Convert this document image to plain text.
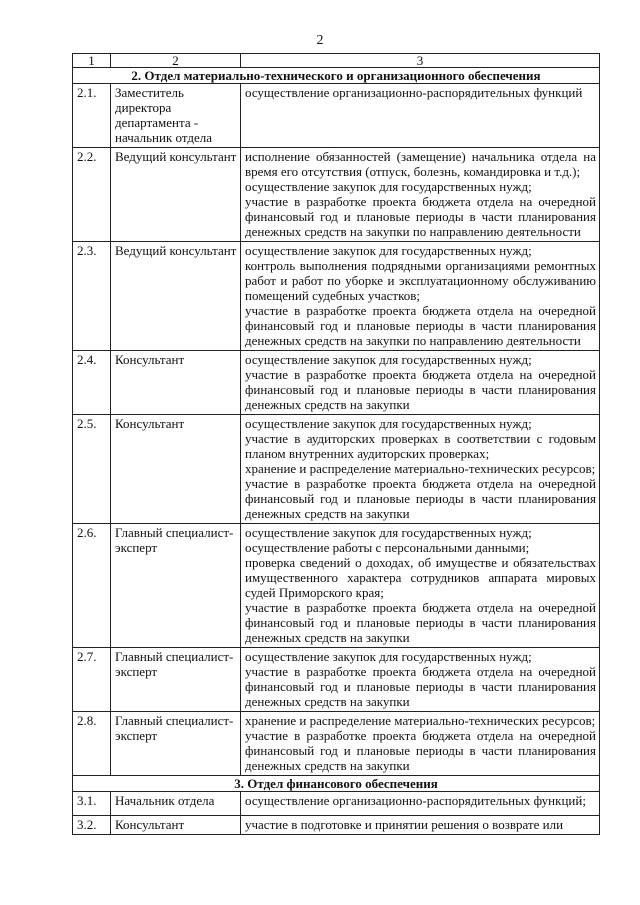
2
1	2	3
2. Отдел материально-технического и организационного обеспечения		
2.1.	Заместитель директора департамента - начальник отдела	осуществление организационно-распорядительных функций

2.2.	Ведущий консультант	исполнение обязанностей (замещение) начальника отдела на время его отсутствия (отпуск, болезнь, командировка и т.д.);
осуществление закупок для государственных нужд;
участие в разработке проекта бюджета отдела на очередной финансовый год и плановые периоды в части планирования денежных средств на закупки по направлению деятельности

2.3.	Ведущий консультант	осуществление закупок для государственных нужд;
контроль выполнения подрядными организациями ремонтных работ и работ по уборке и эксплуатационному обслуживанию помещений судебных участков;
участие в разработке проекта бюджета отдела на очередной финансовый год и плановые периоды в части планирования денежных средств на закупки по направлению деятельности

2.4.	Консультант	осуществление закупок для государственных нужд;
участие в разработке проекта бюджета отдела на очередной финансовый год и плановые периоды в части планирования денежных средств на закупки

2.5.	Консультант	осуществление закупок для государственных нужд;
участие в аудиторских проверках в соответствии с годовым планом внутренних аудиторских проверках;
хранение и распределение материально-технических ресурсов;
участие в разработке проекта бюджета отдела на очередной финансовый год и плановые периоды в части планирования денежных средств на закупки

2.6.	Главный специалист-эксперт	осуществление закупок для государственных нужд;
осуществление работы с персональными данными;
проверка сведений о доходах, об имуществе и обязательствах имущественного характера сотрудников аппарата мировых судей Приморского края;
участие в разработке проекта бюджета отдела на очередной финансовый год и плановые периоды в части планирования денежных средств на закупки

2.7.	Главный специалист-эксперт	осуществление закупок для государственных нужд;
участие в разработке проекта бюджета отдела на очередной финансовый год и плановые периоды в части планирования денежных средств на закупки

2.8.	Главный специалист-эксперт	хранение и распределение материально-технических ресурсов;
участие в разработке проекта бюджета отдела на очередной финансовый год и плановые периоды в части планирования денежных средств на закупки

3. Отдел финансового обеспечения		
3.1.	Начальник отдела	осуществление организационно-распорядительных функций;

3.2.	Консультант	участие в подготовке и принятии решения о возврате или
